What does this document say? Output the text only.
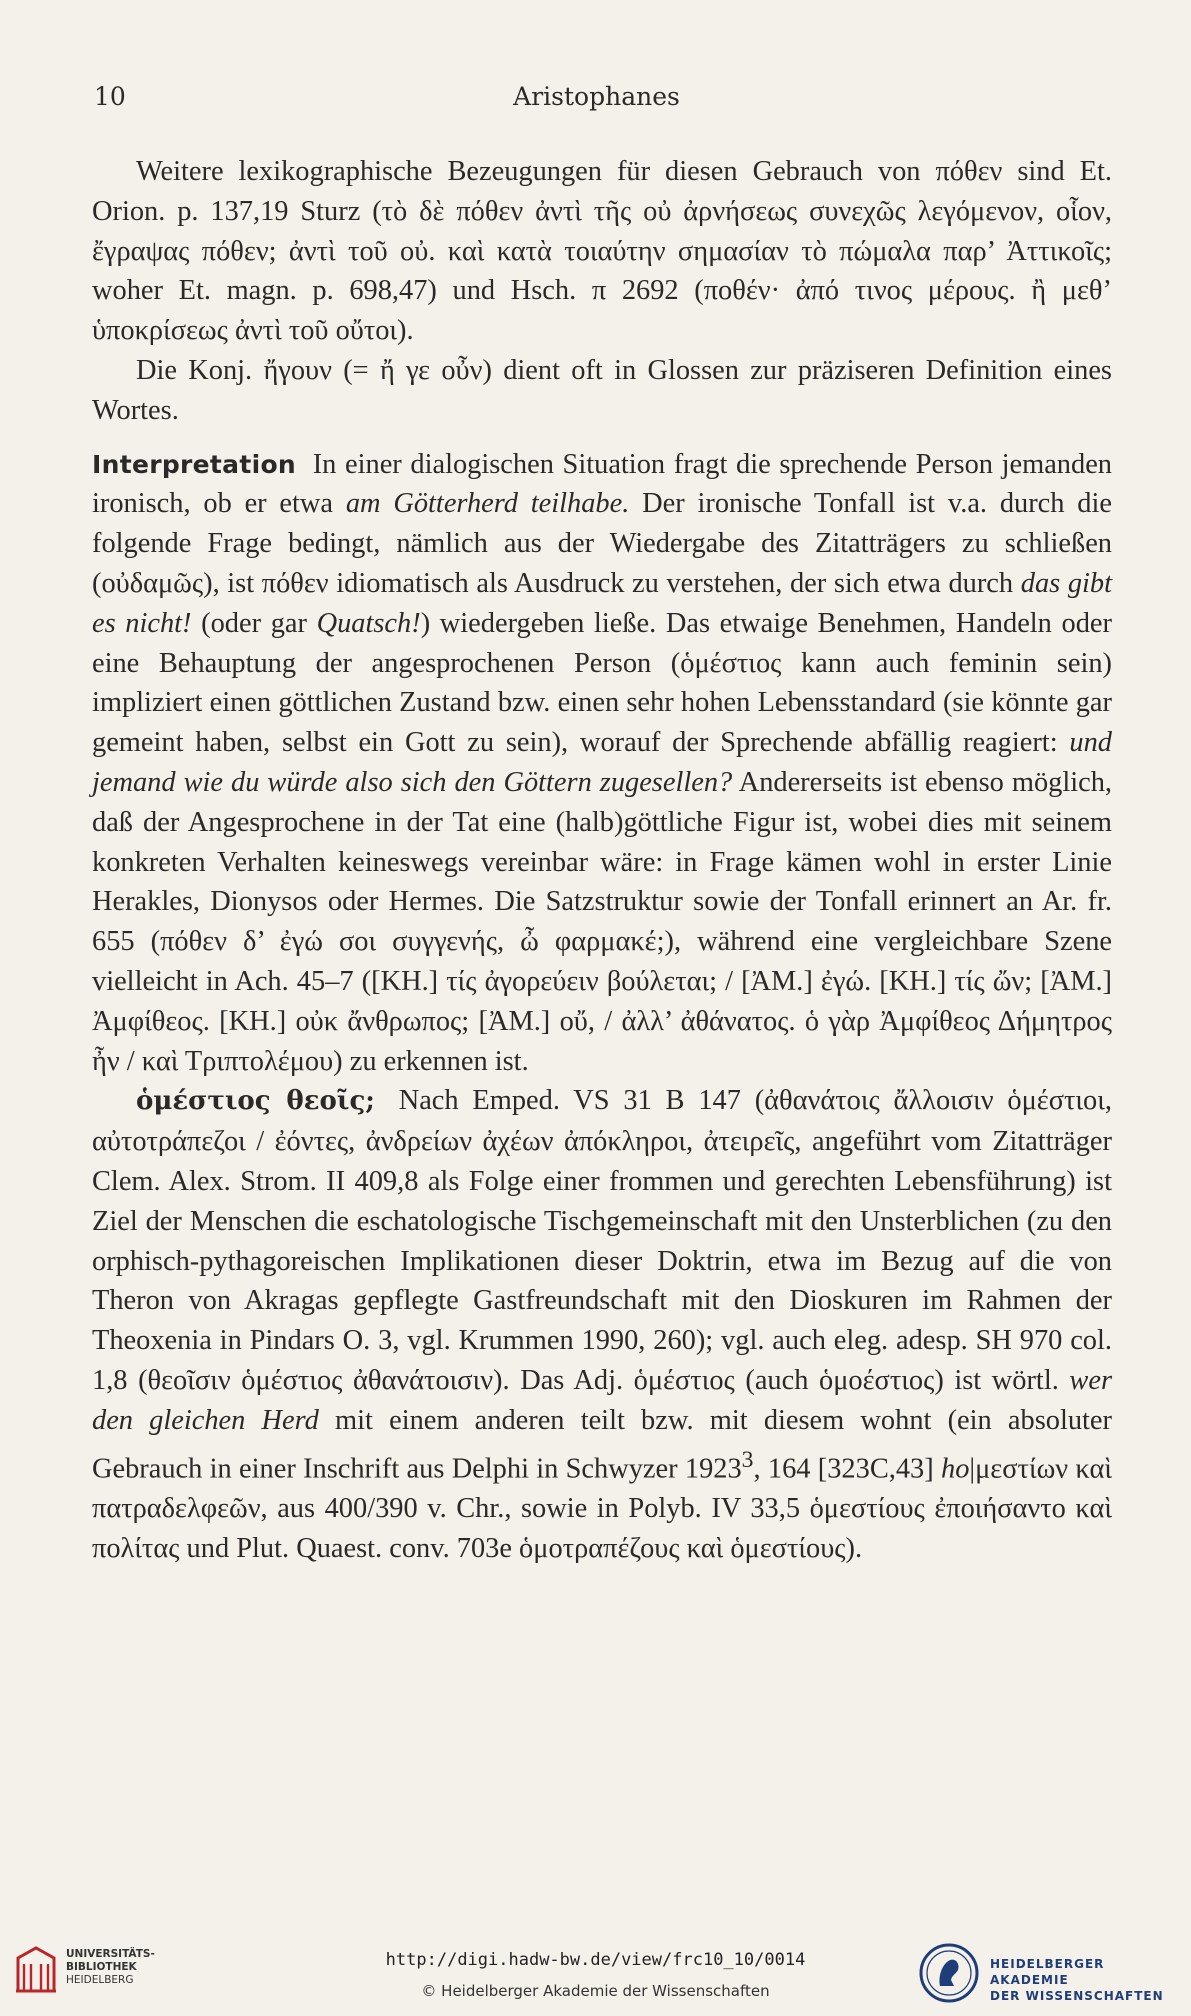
10	Aristophanes

Weitere lexikographische Bezeugungen für diesen Gebrauch von πόθεν sind Et. Orion. p. 137,19 Sturz (τὸ δὲ πόθεν ἀντὶ τῆς οὐ ἀρνήσεως συνεχῶς λεγόμενον, οἷον, ἔγραψας πόθεν; ἀντὶ τοῦ οὐ. καὶ κατὰ τοιαύτην σημασίαν τὸ πώμαλα παρ’ Ἀττικοῖς; woher Et. magn. p. 698,47) und Hsch. π 2692 (ποθέν· ἀπό τινος μέρους. ἢ μεθ’ ὑποκρίσεως ἀντὶ τοῦ οὔτοι).

Die Konj. ἤγουν (= ἤ γε οὖν) dient oft in Glossen zur präziseren Definition eines Wortes.

Interpretation In einer dialogischen Situation fragt die sprechende Person jemanden ironisch, ob er etwa am Götterherd teilhabe. Der ironische Tonfall ist v.a. durch die folgende Frage bedingt, nämlich aus der Wiedergabe des Zitatträgers zu schließen (οὐδαμῶς), ist πόθεν idiomatisch als Ausdruck zu verstehen, der sich etwa durch das gibt es nicht! (oder gar Quatsch!) wiedergeben ließe. Das etwaige Benehmen, Handeln oder eine Behauptung der angesprochenen Person (ὁμέστιος kann auch feminin sein) impliziert einen göttlichen Zustand bzw. einen sehr hohen Lebensstandard (sie könnte gar gemeint haben, selbst ein Gott zu sein), worauf der Sprechende abfällig reagiert: und jemand wie du würde also sich den Göttern zugesellen? Andererseits ist ebenso möglich, daß der Angesprochene in der Tat eine (halb)göttliche Figur ist, wobei dies mit seinem konkreten Verhalten keineswegs vereinbar wäre: in Frage kämen wohl in erster Linie Herakles, Dionysos oder Hermes. Die Satzstruktur sowie der Tonfall erinnert an Ar. fr. 655 (πόθεν δ’ ἐγώ σοι συγγενής, ὦ φαρμακέ;), während eine vergleichbare Szene vielleicht in Ach. 45–7 ([ΚΗ.] τίς ἀγορεύειν βούλεται; / [ἈΜ.] ἐγώ. [ΚΗ.] τίς ὤν; [ἈΜ.] Ἀμφίθεος. [ΚΗ.] οὐκ ἄνθρωπος; [ἈΜ.] οὔ, / ἀλλ’ ἀθάνατος. ὁ γὰρ Ἀμφίθεος Δήμητρος ἦν / καὶ Τριπτολέμου) zu erkennen ist.

ὁμέστιος θεοῖς; Nach Emped. VS 31 B 147 (ἀθανάτοις ἄλλοισιν ὁμέστιοι, αὐτοτράπεζοι / ἐόντες, ἀνδρείων ἀχέων ἀπόκληροι, ἀτειρεῖς, angeführt vom Zitatträger Clem. Alex. Strom. II 409,8 als Folge einer frommen und gerechten Lebensführung) ist Ziel der Menschen die eschatologische Tischgemeinschaft mit den Unsterblichen (zu den orphisch-pythagoreischen Implikationen dieser Doktrin, etwa im Bezug auf die von Theron von Akragas gepflegte Gastfreundschaft mit den Dioskuren im Rahmen der Theoxenia in Pindars O. 3, vgl. Krummen 1990, 260); vgl. auch eleg. adesp. SH 970 col. 1,8 (θεοῖσιν ὁμέστιος ἀθανάτοισιν). Das Adj. ὁμέστιος (auch ὁμοέστιος) ist wörtl. wer den gleichen Herd mit einem anderen teilt bzw. mit diesem wohnt (ein absoluter Gebrauch in einer Inschrift aus Delphi in Schwyzer 1923$^3$, 164 [323C,43] ho|μεστίων καὶ πατραδελφεῶν, aus 400/390 v. Chr., sowie in Polyb. IV 33,5 ὁμεστίους ἐποιήσαντο καὶ πολίτας und Plut. Quaest. conv. 703e ὁμοτραπέζους καὶ ὁμεστίους).

UNIVERSITÄTS-
BIBLIOTHEK
HEIDELBERG
http://digi.hadw-bw.de/view/frc10_10/0014
© Heidelberger Akademie der Wissenschaften
HEIDELBERGER AKADEMIE
DER WISSENSCHAFTEN
